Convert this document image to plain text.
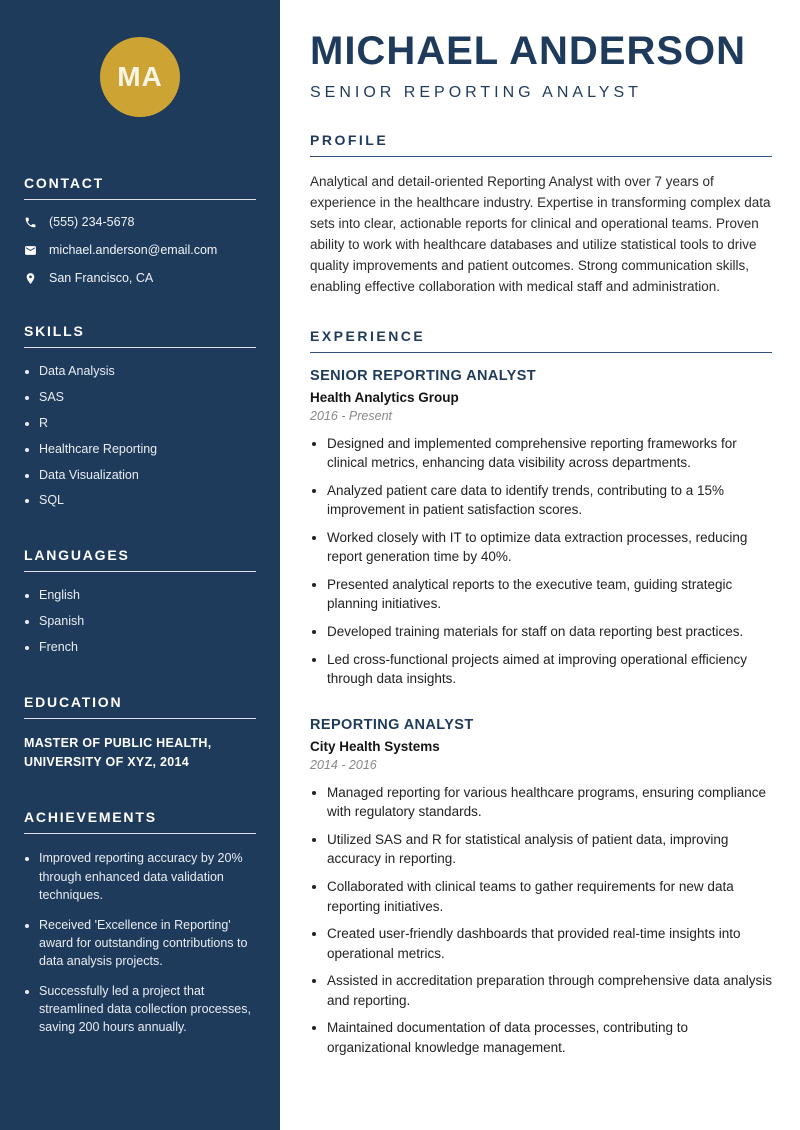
MA
CONTACT
(555) 234-5678
michael.anderson@email.com
San Francisco, CA
SKILLS
• Data Analysis
• SAS
• R
• Healthcare Reporting
• Data Visualization
• SQL
LANGUAGES
• English
• Spanish
• French
EDUCATION
MASTER OF PUBLIC HEALTH, UNIVERSITY OF XYZ, 2014
ACHIEVEMENTS
• Improved reporting accuracy by 20% through enhanced data validation techniques.
• Received 'Excellence in Reporting' award for outstanding contributions to data analysis projects.
• Successfully led a project that streamlined data collection processes, saving 200 hours annually.
MICHAEL ANDERSON
SENIOR REPORTING ANALYST
PROFILE

Analytical and detail-oriented Reporting Analyst with over 7 years of experience in the healthcare industry. Expertise in transforming complex data sets into clear, actionable reports for clinical and operational teams. Proven ability to work with healthcare databases and utilize statistical tools to drive quality improvements and patient outcomes. Strong communication skills, enabling effective collaboration with medical staff and administration.

EXPERIENCE
SENIOR REPORTING ANALYST
Health Analytics Group
2016 - Present
• Designed and implemented comprehensive reporting frameworks for clinical metrics, enhancing data visibility across departments.
• Analyzed patient care data to identify trends, contributing to a 15% improvement in patient satisfaction scores.
• Worked closely with IT to optimize data extraction processes, reducing report generation time by 40%.
• Presented analytical reports to the executive team, guiding strategic planning initiatives.
• Developed training materials for staff on data reporting best practices.
• Led cross-functional projects aimed at improving operational efficiency through data insights.
REPORTING ANALYST
City Health Systems
2014 - 2016
• Managed reporting for various healthcare programs, ensuring compliance with regulatory standards.
• Utilized SAS and R for statistical analysis of patient data, improving accuracy in reporting.
• Collaborated with clinical teams to gather requirements for new data reporting initiatives.
• Created user-friendly dashboards that provided real-time insights into operational metrics.
• Assisted in accreditation preparation through comprehensive data analysis and reporting.
• Maintained documentation of data processes, contributing to organizational knowledge management.
